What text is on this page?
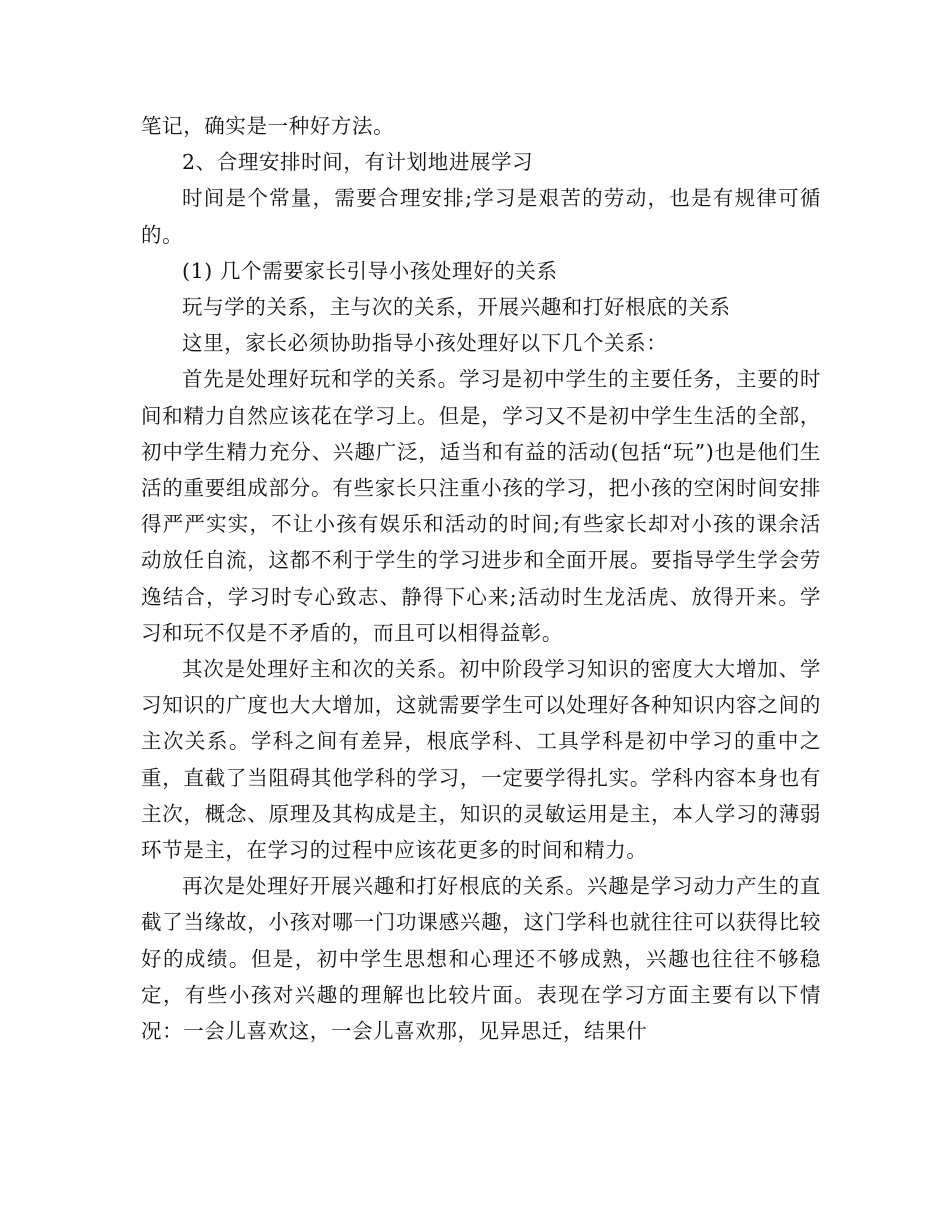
笔记，确实是一种好方法。

2、合理安排时间，有计划地进展学习

时间是个常量，需要合理安排;学习是艰苦的劳动，也是有规律可循的。

(1) 几个需要家长引导小孩处理好的关系

玩与学的关系，主与次的关系，开展兴趣和打好根底的关系

这里，家长必须协助指导小孩处理好以下几个关系：

首先是处理好玩和学的关系。学习是初中学生的主要任务，主要的时间和精力自然应该花在学习上。但是，学习又不是初中学生生活的全部，初中学生精力充分、兴趣广泛，适当和有益的活动(包括“玩”)也是他们生活的重要组成部分。有些家长只注重小孩的学习，把小孩的空闲时间安排得严严实实，不让小孩有娱乐和活动的时间;有些家长却对小孩的课余活动放任自流，这都不利于学生的学习进步和全面开展。要指导学生学会劳逸结合，学习时专心致志、静得下心来;活动时生龙活虎、放得开来。学习和玩不仅是不矛盾的，而且可以相得益彰。

其次是处理好主和次的关系。初中阶段学习知识的密度大大增加、学习知识的广度也大大增加，这就需要学生可以处理好各种知识内容之间的主次关系。学科之间有差异，根底学科、工具学科是初中学习的重中之重，直截了当阻碍其他学科的学习，一定要学得扎实。学科内容本身也有主次，概念、原理及其构成是主，知识的灵敏运用是主，本人学习的薄弱环节是主，在学习的过程中应该花更多的时间和精力。

再次是处理好开展兴趣和打好根底的关系。兴趣是学习动力产生的直截了当缘故，小孩对哪一门功课感兴趣，这门学科也就往往可以获得比较好的成绩。但是，初中学生思想和心理还不够成熟，兴趣也往往不够稳定，有些小孩对兴趣的理解也比较片面。表现在学习方面主要有以下情况：一会儿喜欢这，一会儿喜欢那，见异思迁，结果什
